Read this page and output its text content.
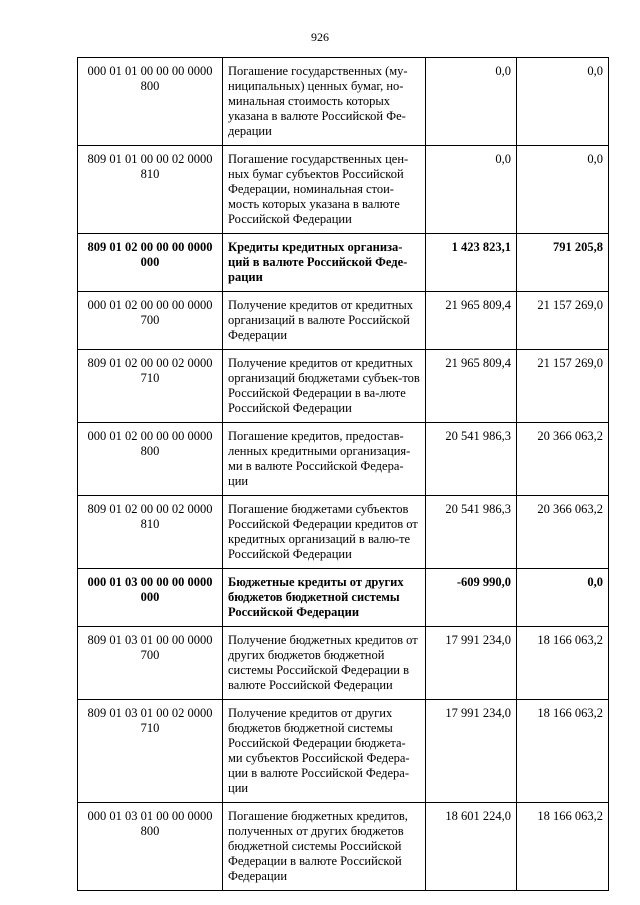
926
000 01 01 00 00 00 0000 800	Погашение государственных (му-ниципальных) ценных бумаг, но-минальная стоимость которых указана в валюте Российской Фе-дерации	0,0	0,0
809 01 01 00 00 02 0000 810	Погашение государственных цен-ных бумаг субъектов Российской Федерации, номинальная стои-мость которых указана в валюте Российской Федерации	0,0	0,0
809 01 02 00 00 00 0000 000	Кредиты кредитных организа-ций в валюте Российской Феде-рации	1 423 823,1	791 205,8
000 01 02 00 00 00 0000 700	Получение кредитов от кредитных организаций в валюте Российской Федерации	21 965 809,4	21 157 269,0
809 01 02 00 00 02 0000 710	Получение кредитов от кредитных организаций бюджетами субъек-тов Российской Федерации в ва-люте Российской Федерации	21 965 809,4	21 157 269,0
000 01 02 00 00 00 0000 800	Погашение кредитов, предостав-ленных кредитными организация-ми в валюте Российской Федера-ции	20 541 986,3	20 366 063,2
809 01 02 00 00 02 0000 810	Погашение бюджетами субъектов Российской Федерации кредитов от кредитных организаций в валю-те Российской Федерации	20 541 986,3	20 366 063,2
000 01 03 00 00 00 0000 000	Бюджетные кредиты от других бюджетов бюджетной системы Российской Федерации	-609 990,0	0,0
809 01 03 01 00 00 0000 700	Получение бюджетных кредитов от других бюджетов бюджетной системы Российской Федерации в валюте Российской Федерации	17 991 234,0	18 166 063,2
809 01 03 01 00 02 0000 710	Получение кредитов от других бюджетов бюджетной системы Российской Федерации бюджета-ми субъектов Российской Федера-ции в валюте Российской Федера-ции	17 991 234,0	18 166 063,2
000 01 03 01 00 00 0000 800	Погашение бюджетных кредитов, полученных от других бюджетов бюджетной системы Российской Федерации в валюте Российской Федерации	18 601 224,0	18 166 063,2
